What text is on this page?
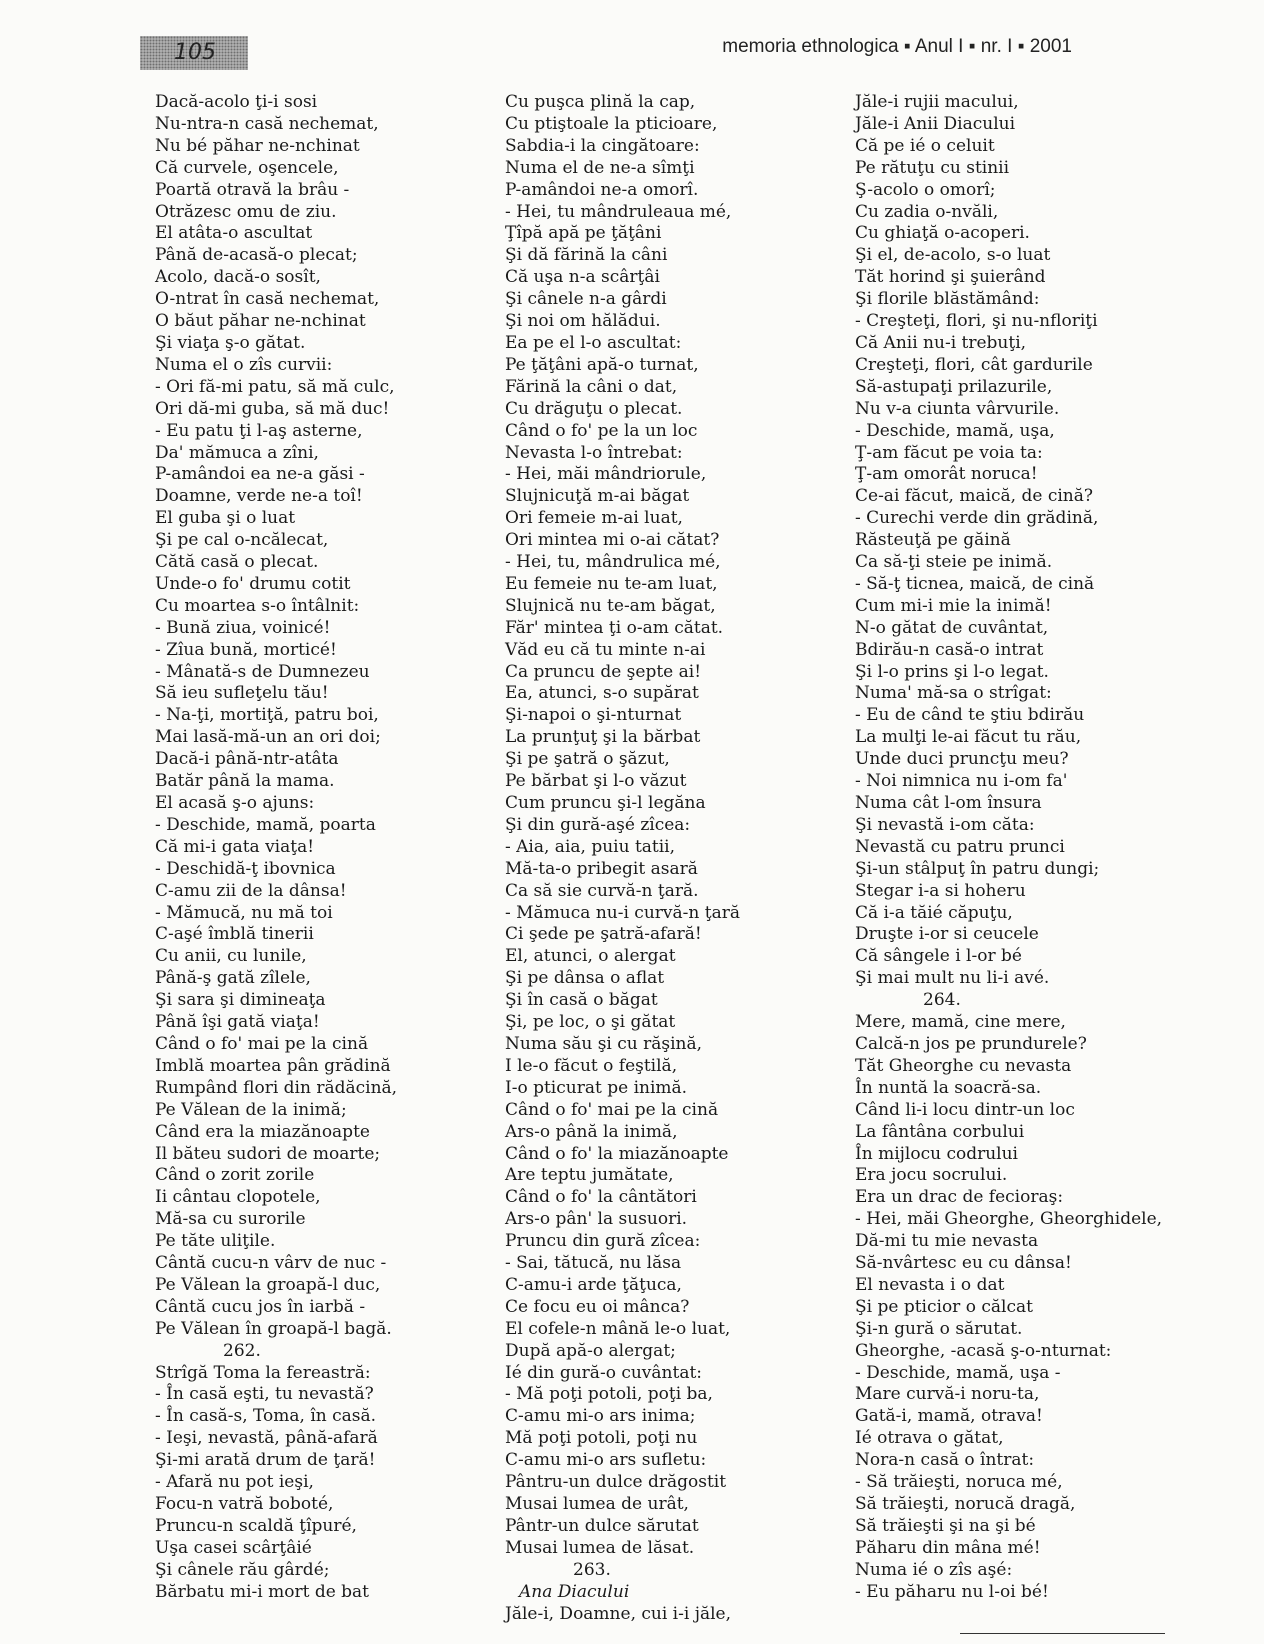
105	memoria ethnologica ▪ Anul I ▪ nr. I ▪ 2001
Dacă-acolo ţi-i sosi
Nu-ntra-n casă nechemat,
Nu bé păhar ne-nchinat
Că curvele, oşencele,
Poartă otravă la brâu -
Otrăzesc omu de ziu.
El atâta-o ascultat
Până de-acasă-o plecat;
Acolo, dacă-o sosît,
O-ntrat în casă nechemat,
O băut păhar ne-nchinat
Şi viaţa ş-o gătat.
Numa el o zîs curvii:
- Ori fă-mi patu, să mă culc,
Ori dă-mi guba, să mă duc!
- Eu patu ţi l-aş asterne,
Da' mămuca a zîni,
P-amândoi ea ne-a găsi -
Doamne, verde ne-a toî!
El guba şi o luat
Şi pe cal o-ncălecat,
Cătă casă o plecat.
Unde-o fo' drumu cotit
Cu moartea s-o întâlnit:
- Bună ziua, voinicé!
- Zîua bună, morticé!
- Mânată-s de Dumnezeu
Să ieu sufleţelu tău!
- Na-ţi, mortiţă, patru boi,
Mai lasă-mă-un an ori doi;
Dacă-i până-ntr-atâta
Batăr până la mama.
El acasă ş-o ajuns:
- Deschide, mamă, poarta
Că mi-i gata viaţa!
- Deschidă-ţ ibovnica
C-amu zii de la dânsa!
- Mămucă, nu mă toi
C-aşé îmblă tinerii
Cu anii, cu lunile,
Până-ş gată zîlele,
Şi sara şi dimineaţa
Până îşi gată viaţa!
Când o fo' mai pe la cină
Imblă moartea pân grădină
Rumpând flori din rădăcină,
Pe Vălean de la inimă;
Când era la miazănoapte
Il băteu sudori de moarte;
Când o zorit zorile
Ii cântau clopotele,
Mă-sa cu surorile
Pe tăte uliţile.
Cântă cucu-n vârv de nuc -
Pe Vălean la groapă-l duc,
Cântă cucu jos în iarbă -
Pe Vălean în groapă-l bagă.
262.
Strîgă Toma la fereastră:
- În casă eşti, tu nevastă?
- În casă-s, Toma, în casă.
- Ieşi, nevastă, până-afară
Şi-mi arată drum de ţară!
- Afară nu pot ieşi,
Focu-n vatră boboté,
Pruncu-n scaldă ţîpuré,
Uşa casei scârţâié
Şi cânele rău gârdé;
Bărbatu mi-i mort de bat
Cu puşca plină la cap,
Cu ptiştoale la pticioare,
Sabdia-i la cingătoare:
Numa el de ne-a sîmţi
P-amândoi ne-a omorî.
- Hei, tu mândruleaua mé,
Ţîpă apă pe ţăţâni
Şi dă fărină la câni
Că uşa n-a scârţâi
Şi cânele n-a gârdi
Şi noi om hălădui.
Ea pe el l-o ascultat:
Pe ţăţâni apă-o turnat,
Fărină la câni o dat,
Cu drăguţu o plecat.
Când o fo' pe la un loc
Nevasta l-o întrebat:
- Hei, măi mândriorule,
Slujnicuţă m-ai băgat
Ori femeie m-ai luat,
Ori mintea mi o-ai cătat?
- Hei, tu, mândrulica mé,
Eu femeie nu te-am luat,
Slujnică nu te-am băgat,
Făr' mintea ţi o-am cătat.
Văd eu că tu minte n-ai
Ca pruncu de şepte ai!
Ea, atunci, s-o supărat
Şi-napoi o şi-nturnat
La prunţuţ şi la bărbat
Şi pe şatră o şăzut,
Pe bărbat şi l-o văzut
Cum pruncu şi-l legăna
Şi din gură-aşé zîcea:
- Aia, aia, puiu tatii,
Mă-ta-o pribegit asară
Ca să sie curvă-n ţară.
- Mămuca nu-i curvă-n ţară
Ci şede pe şatră-afară!
El, atunci, o alergat
Şi pe dânsa o aflat
Şi în casă o băgat
Şi, pe loc, o şi gătat
Numa său şi cu răşină,
I le-o făcut o feştilă,
I-o pticurat pe inimă.
Când o fo' mai pe la cină
Ars-o până la inimă,
Când o fo' la miazănoapte
Are teptu jumătate,
Când o fo' la cântători
Ars-o pân' la susuori.
Pruncu din gură zîcea:
- Sai, tătucă, nu lăsa
C-amu-i arde ţăţuca,
Ce focu eu oi mânca?
El cofele-n mână le-o luat,
După apă-o alergat;
Ié din gură-o cuvântat:
- Mă poţi potoli, poţi ba,
C-amu mi-o ars inima;
Mă poţi potoli, poţi nu
C-amu mi-o ars sufletu:
Pântru-un dulce drăgostit
Musai lumea de urât,
Pântr-un dulce sărutat
Musai lumea de lăsat.
263.
Ana Diacului
Jăle-i, Doamne, cui i-i jăle,
Jăle-i rujii macului,
Jăle-i Anii Diacului
Că pe ié o celuit
Pe rătuţu cu stinii
Ş-acolo o omorî;
Cu zadia o-nvăli,
Cu ghiaţă o-acoperi.
Şi el, de-acolo, s-o luat
Tăt horind şi şuierând
Şi florile blăstămând:
- Creşteţi, flori, şi nu-nfloriţi
Că Anii nu-i trebuţi,
Creşteţi, flori, cât gardurile
Să-astupaţi prilazurile,
Nu v-a ciunta vârvurile.
- Deschide, mamă, uşa,
Ţ-am făcut pe voia ta:
Ţ-am omorât noruca!
Ce-ai făcut, maică, de cină?
- Curechi verde din grădină,
Răsteuţă pe găină
Ca să-ţi steie pe inimă.
- Să-ţ ticnea, maică, de cină
Cum mi-i mie la inimă!
N-o gătat de cuvântat,
Bdirău-n casă-o intrat
Şi l-o prins şi l-o legat.
Numa' mă-sa o strîgat:
- Eu de când te ştiu bdirău
La mulţi le-ai făcut tu rău,
Unde duci pruncţu meu?
- Noi nimnica nu i-om fa'
Numa cât l-om însura
Şi nevastă i-om căta:
Nevastă cu patru prunci
Şi-un stâlpuţ în patru dungi;
Stegar i-a si hoheru
Că i-a tăié căpuţu,
Druşte i-or si ceucele
Că sângele i l-or bé
Şi mai mult nu li-i avé.
264.
Mere, mamă, cine mere,
Calcă-n jos pe prundurele?
Tăt Gheorghe cu nevasta
În nuntă la soacră-sa.
Când li-i locu dintr-un loc
La fântâna corbului
În mijlocu codrului
Era jocu socrului.
Era un drac de fecioraş:
- Hei, măi Gheorghe, Gheorghidele,
Dă-mi tu mie nevasta
Să-nvârtesc eu cu dânsa!
El nevasta i o dat
Şi pe pticior o călcat
Şi-n gură o sărutat.
Gheorghe, -acasă ş-o-nturnat:
- Deschide, mamă, uşa -
Mare curvă-i noru-ta,
Gată-i, mamă, otrava!
Ié otrava o gătat,
Nora-n casă o întrat:
- Să trăieşti, noruca mé,
Să trăieşti, norucă dragă,
Să trăieşti şi na şi bé
Păharu din mâna mé!
Numa ié o zîs aşé:
- Eu păharu nu l-oi bé!
